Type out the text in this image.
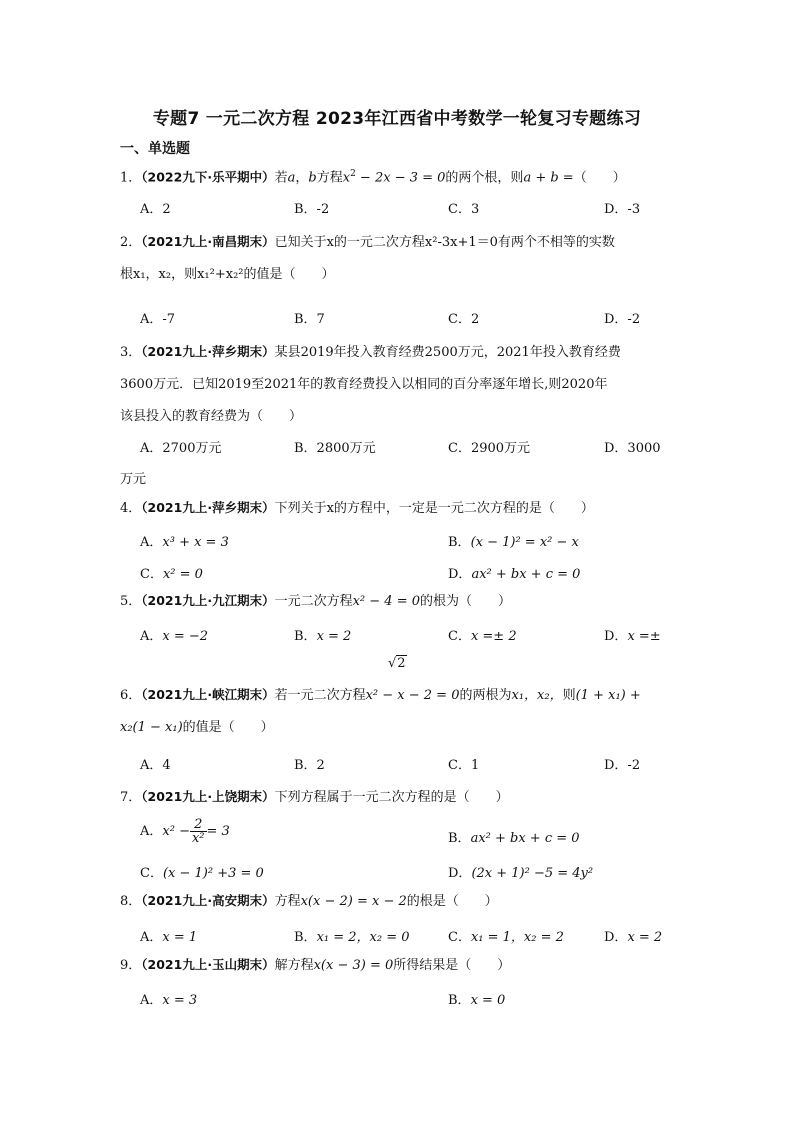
专题7 一元二次方程 2023年江西省中考数学一轮复习专题练习
一、单选题
1．（2022九下·乐平期中）若a，b方程$x^2 - 2x - 3 = 0$的两个根，则a + b =（　　）
A．2	B．-2	C．3	D．-3
2．（2021九上·南昌期末）已知关于x的一元二次方程x²-3x+1＝0有两个不相等的实数
根x₁，x₂，则x₁²+x₂²的值是（　　）
A．-7	B．7	C．2	D．-2
3．（2021九上·萍乡期末）某县2019年投入教育经费2500万元，2021年投入教育经费
3600万元．已知2019至2021年的教育经费投入以相同的百分率逐年增长,则2020年
该县投入的教育经费为（　　）
A．2700万元	B．2800万元	C．2900万元	D．3000
万元
4．（2021九上·萍乡期末）下列关于x的方程中，一定是一元二次方程的是（　　）
A．x³ + x = 3	B．(x − 1)² = x² − x
C．x² = 0	D．ax² + bx + c = 0
5．（2021九上·九江期末）一元二次方程x² − 4 = 0的根为（　　）
A．x = −2	B．x = 2	C．x =± 2	D．x =±
√2
6．（2021九上·峡江期末）若一元二次方程x² − x − 2 = 0的两根为x₁，x₂，则(1 + x₁) +
x₂(1 − x₁)的值是（　　）
A．4	B．2	C．1	D．-2
7．（2021九上·上饶期末）下列方程属于一元二次方程的是（　　）
A．$x^2 - \frac{2}{\text{x²}} = 3$	B．ax² + bx + c = 0
C．(x − 1)² +3 = 0	D．(2x + 1)² −5 = 4y²
8．（2021九上·高安期末）方程x(x − 2) = x − 2的根是（　　）
A．x = 1	B．x₁ = 2，x₂ = 0	C．x₁ = 1，x₂ = 2	D．x = 2
9．（2021九上·玉山期末）解方程x(x − 3) = 0所得结果是（　　）
A．x = 3	B．x = 0
